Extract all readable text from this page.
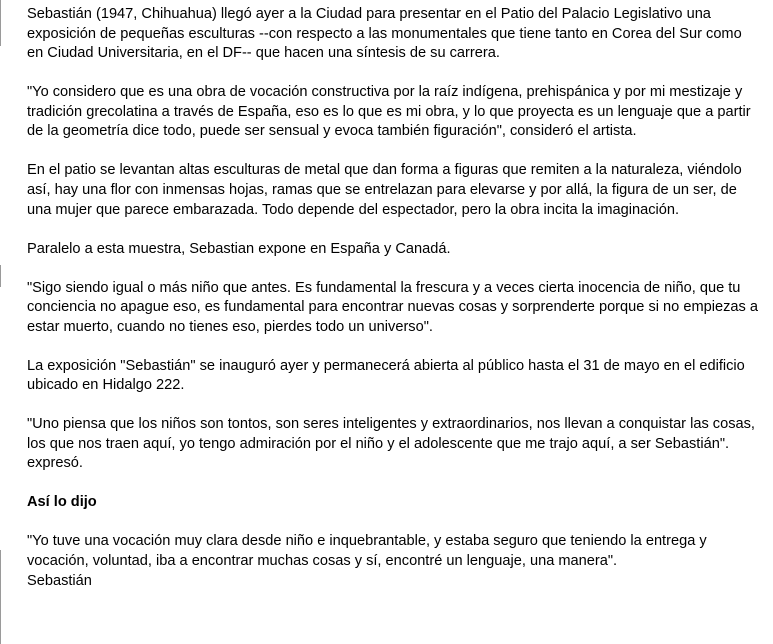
Sebastián (1947, Chihuahua) llegó ayer a la Ciudad para presentar en el Patio del Palacio Legislativo una exposición de pequeñas esculturas --con respecto a las monumentales que tiene tanto en Corea del Sur como en Ciudad Universitaria, en el DF-- que hacen una síntesis de su carrera.

"Yo considero que es una obra de vocación constructiva por la raíz indígena, prehispánica y por mi mestizaje y tradición grecolatina a través de España, eso es lo que es mi obra, y lo que proyecta es un lenguaje que a partir de la geometría dice todo, puede ser sensual y evoca también figuración", consideró el artista.

En el patio se levantan altas esculturas de metal que dan forma a figuras que remiten a la naturaleza, viéndolo así, hay una flor con inmensas hojas, ramas que se entrelazan para elevarse y por allá, la figura de un ser, de una mujer que parece embarazada. Todo depende del espectador, pero la obra incita la imaginación.

Paralelo a esta muestra, Sebastian expone en España y Canadá.

"Sigo siendo igual o más niño que antes. Es fundamental la frescura y a veces cierta inocencia de niño, que tu conciencia no apague eso, es fundamental para encontrar nuevas cosas y sorprenderte porque si no empiezas a estar muerto, cuando no tienes eso, pierdes todo un universo".

La exposición "Sebastián" se inauguró ayer y permanecerá abierta al público hasta el 31 de mayo en el edificio ubicado en Hidalgo 222.

"Uno piensa que los niños son tontos, son seres inteligentes y extraordinarios, nos llevan a conquistar las cosas, los que nos traen aquí, yo tengo admiración por el niño y el adolescente que me trajo aquí, a ser Sebastián". expresó.

Así lo dijo

"Yo tuve una vocación muy clara desde niño e inquebrantable, y estaba seguro que teniendo la entrega y vocación, voluntad, iba a encontrar muchas cosas y sí, encontré un lenguaje, una manera".

Sebastián
